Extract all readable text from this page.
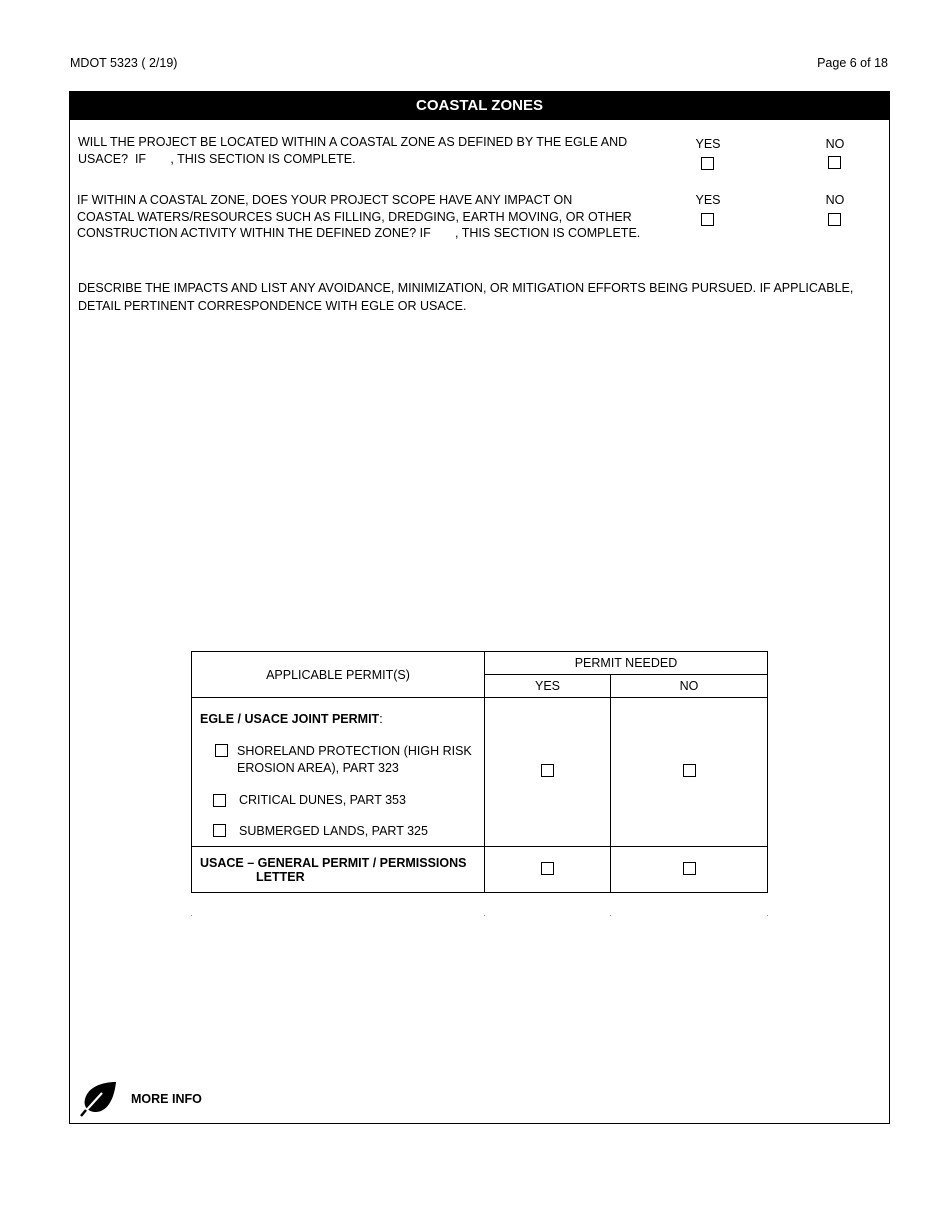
MDOT 5323 ( 2/19)	Page 6 of 18
COASTAL ZONES
WILL THE PROJECT BE LOCATED WITHIN A COASTAL ZONE AS DEFINED BY THE EGLE AND
USACE?  IF       , THIS SECTION IS COMPLETE.
YES	NO
IF WITHIN A COASTAL ZONE, DOES YOUR PROJECT SCOPE HAVE ANY IMPACT ON
COASTAL WATERS/RESOURCES SUCH AS FILLING, DREDGING, EARTH MOVING, OR OTHER
CONSTRUCTION ACTIVITY WITHIN THE DEFINED ZONE? IF       , THIS SECTION IS COMPLETE.
YES	NO
DESCRIBE THE IMPACTS AND LIST ANY AVOIDANCE, MINIMIZATION, OR MITIGATION EFFORTS BEING PURSUED. IF APPLICABLE,
DETAIL PERTINENT CORRESPONDENCE WITH EGLE OR USACE.
APPLICABLE PERMIT(S)	PERMIT NEEDED	
	YES	NO

EGLE / USACE JOINT PERMIT:
SHORELAND PROTECTION (HIGH RISK
EROSION AREA), PART 323
CRITICAL DUNES, PART 353
SUBMERGED LANDS, PART 325		

USACE – GENERAL PERMIT / PERMISSIONS
LETTER		

MORE INFO
